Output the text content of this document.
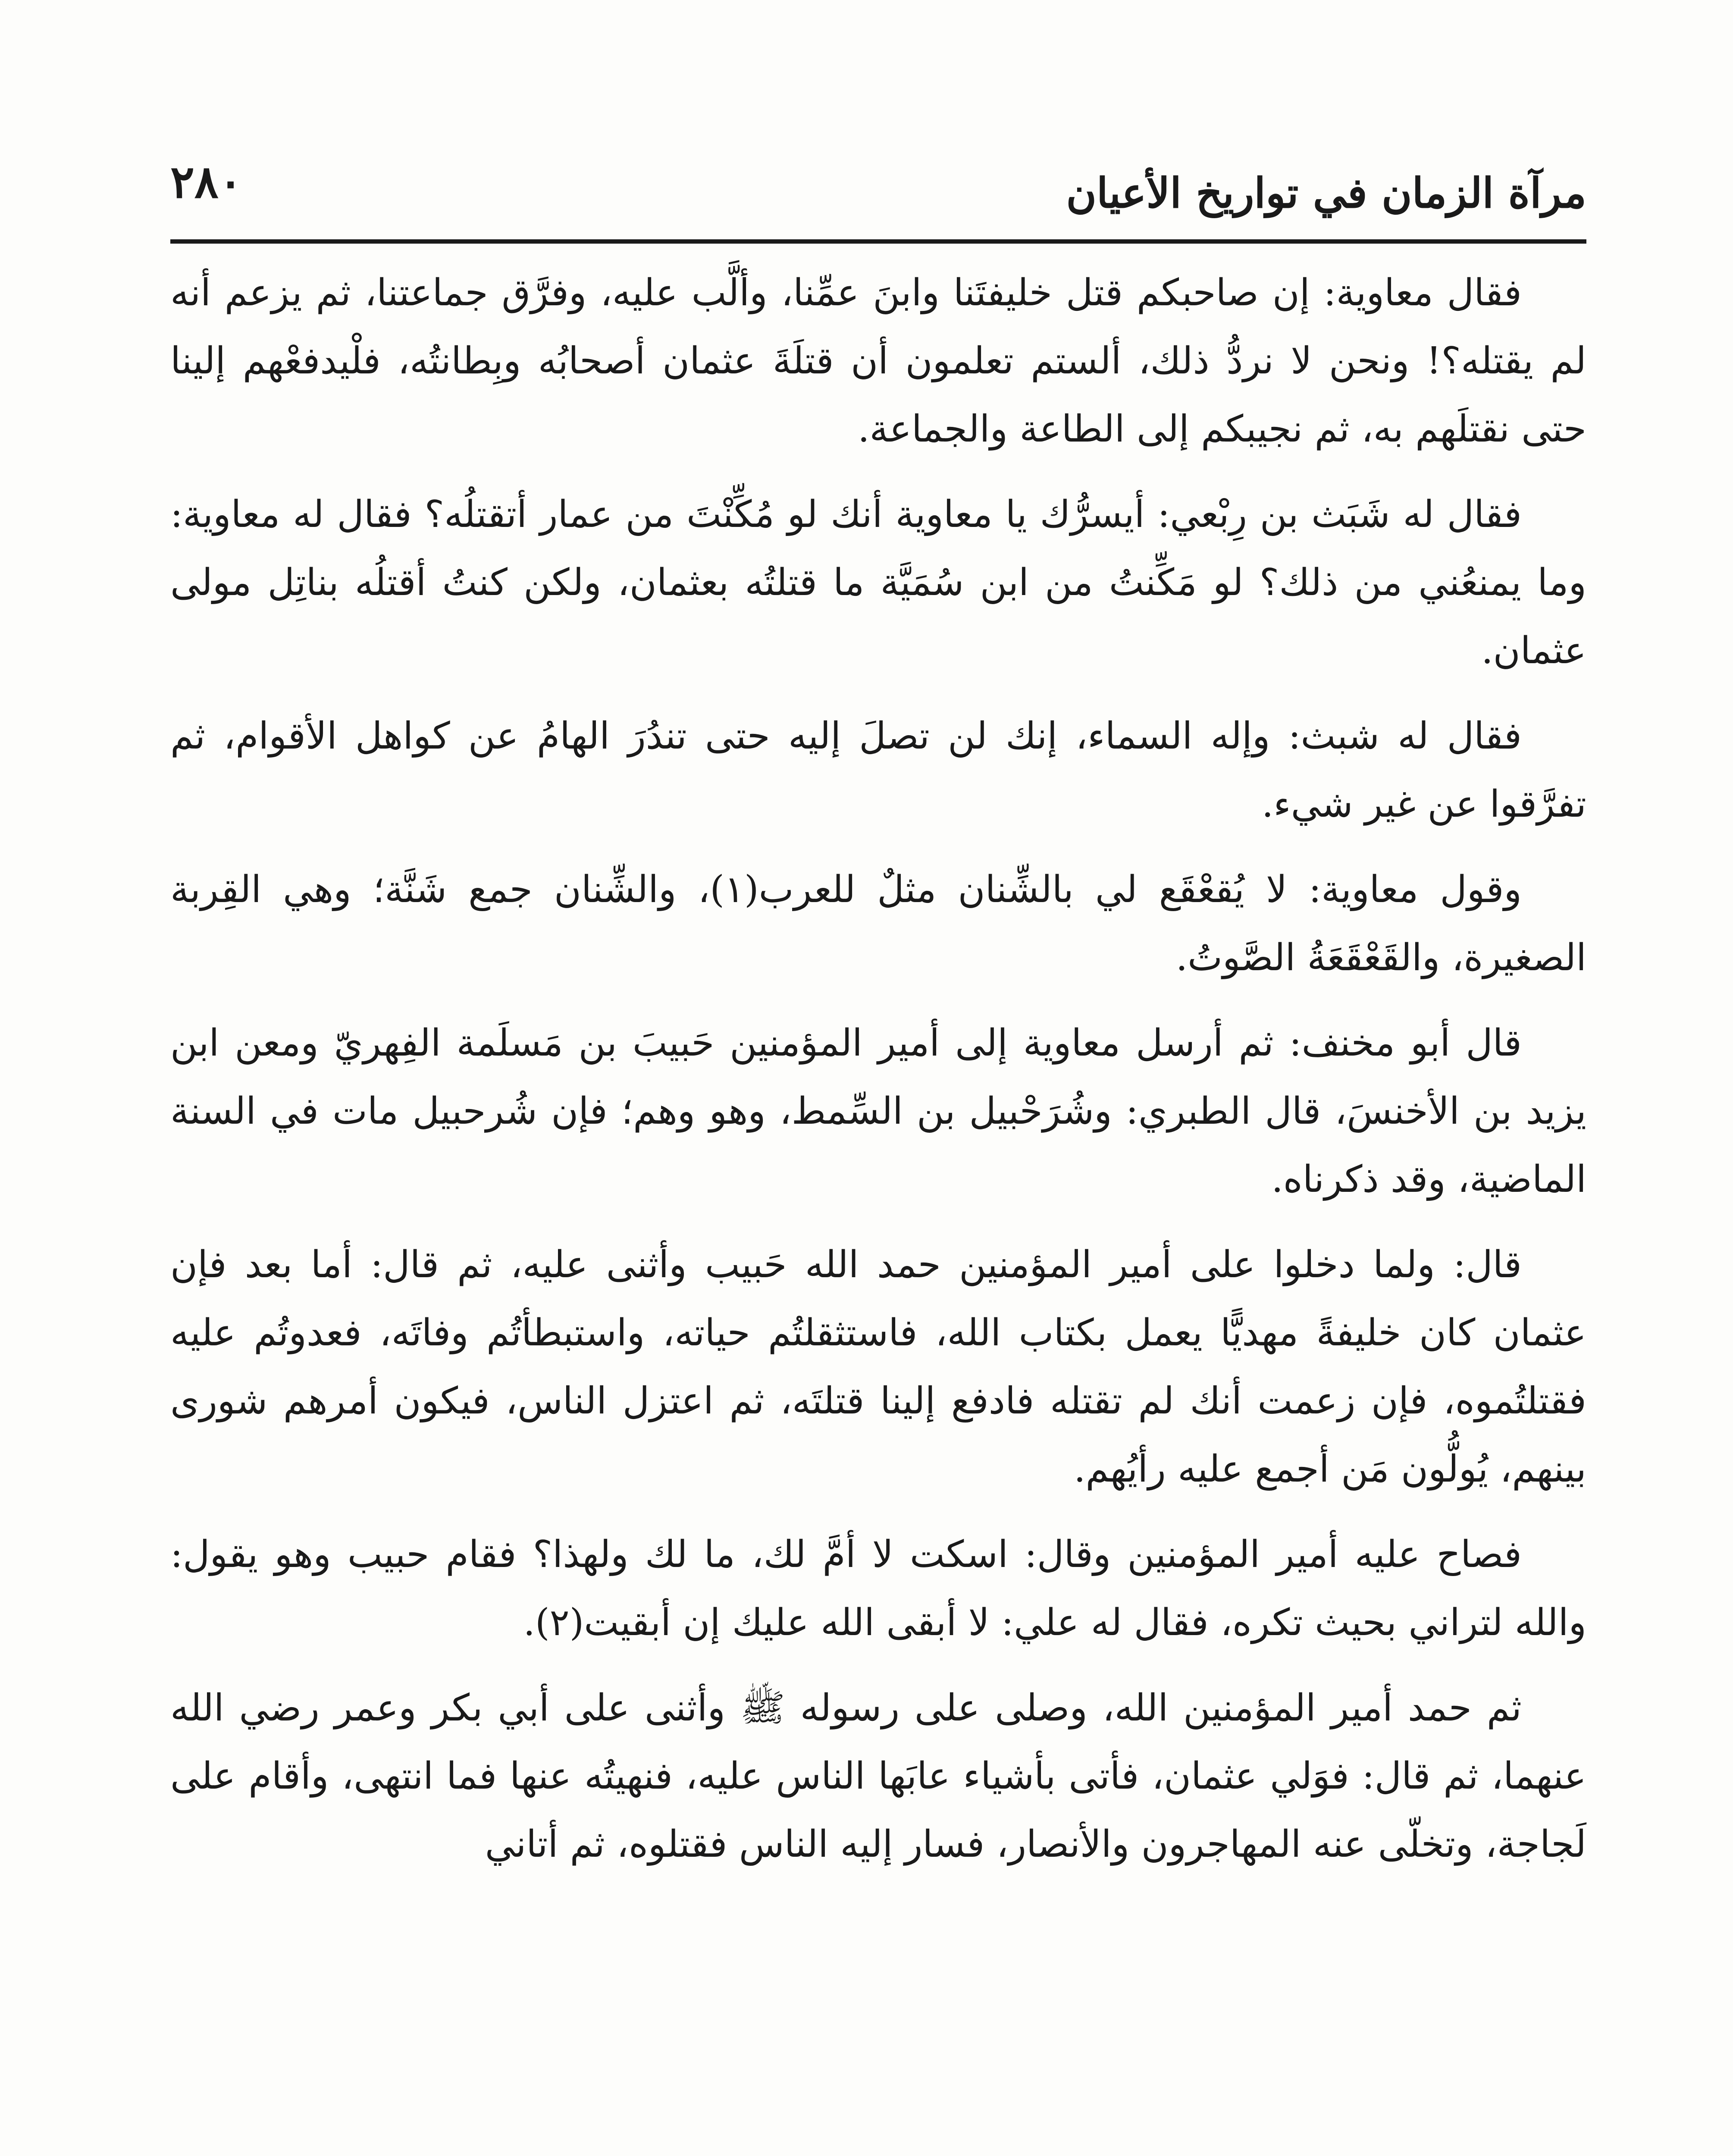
مرآة الزمان في تواريخ الأعيان
٢٨٠

فقال معاوية: إن صاحبكم قتل خليفتَنا وابنَ عمِّنا، وألَّب عليه، وفرَّق جماعتنا، ثم يزعم أنه لم يقتله؟! ونحن لا نردُّ ذلك، ألستم تعلمون أن قتلَةَ عثمان أصحابُه وبِطانتُه، فلْيدفعْهم إلينا حتى نقتلَهم به، ثم نجيبكم إلى الطاعة والجماعة.

فقال له شَبَث بن رِبْعي: أيسرُّك يا معاوية أنك لو مُكِّنْتَ من عمار أتقتلُه؟ فقال له معاوية: وما يمنعُني من ذلك؟ لو مَكِّنتُ من ابن سُمَيَّة ما قتلتُه بعثمان، ولكن كنتُ أقتلُه بناتِل مولى عثمان.

فقال له شبث: وإله السماء، إنك لن تصلَ إليه حتى تندُرَ الهامُ عن كواهل الأقوام، ثم تفرَّقوا عن غير شيء.

وقول معاوية: لا يُقعْقَع لي بالشِّنان مثلٌ للعرب(١)، والشِّنان جمع شَنَّة؛ وهي القِربة الصغيرة، والقَعْقَعَةُ الصَّوتُ.

قال أبو مخنف: ثم أرسل معاوية إلى أمير المؤمنين حَبيبَ بن مَسلَمة الفِهريّ ومعن ابن يزيد بن الأخنسَ، قال الطبري: وشُرَحْبيل بن السِّمط، وهو وهم؛ فإن شُرحبيل مات في السنة الماضية، وقد ذكرناه.

قال: ولما دخلوا على أمير المؤمنين حمد الله حَبيب وأثنى عليه، ثم قال: أما بعد فإن عثمان كان خليفةً مهديًّا يعمل بكتاب الله، فاستثقلتُم حياته، واستبطأتُم وفاتَه، فعدوتُم عليه فقتلتُموه، فإن زعمت أنك لم تقتله فادفع إلينا قتلتَه، ثم اعتزل الناس، فيكون أمرهم شورى بينهم، يُولُّون مَن أجمع عليه رأيُهم.

فصاح عليه أمير المؤمنين وقال: اسكت لا أمَّ لك، ما لك ولهذا؟ فقام حبيب وهو يقول: والله لتراني بحيث تكره، فقال له علي: لا أبقى الله عليك إن أبقيت(٢).

ثم حمد أمير المؤمنين الله، وصلى على رسوله ﷺ وأثنى على أبي بكر وعمر رضي الله عنهما، ثم قال: فوَلي عثمان، فأتى بأشياء عابَها الناس عليه، فنهيتُه عنها فما انتهى، وأقام على لَجاجة، وتخلّى عنه المهاجرون والأنصار، فسار إليه الناس فقتلوه، ثم أتاني
